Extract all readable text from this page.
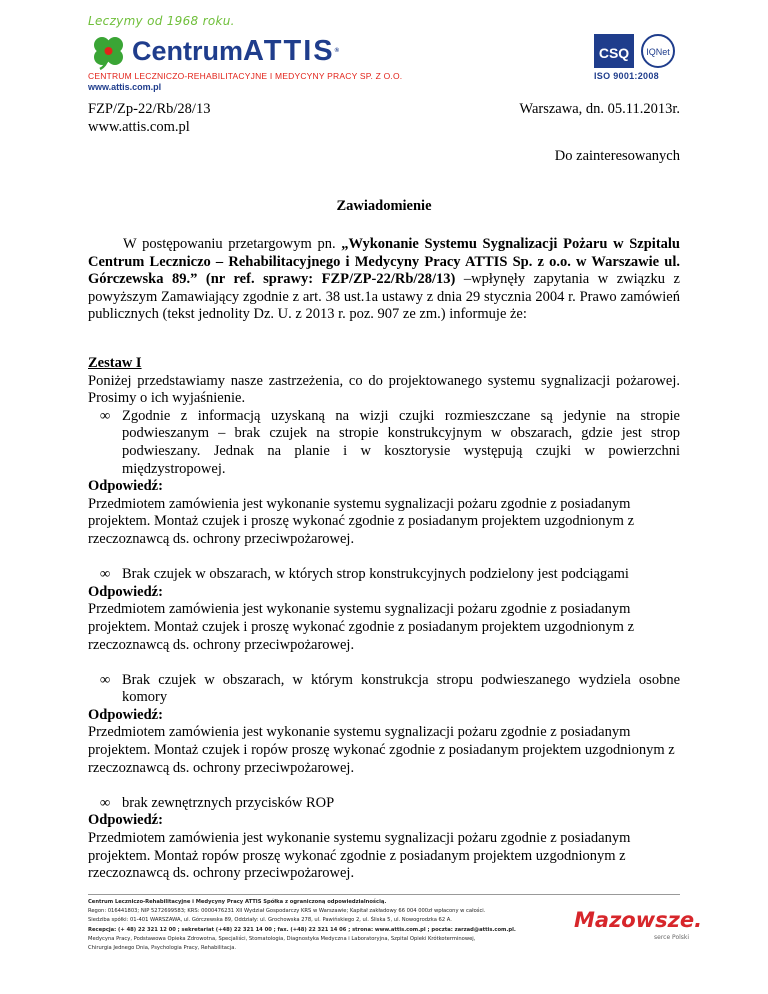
Leczymy od 1968 roku.
CentrumATTIS®
CENTRUM LECZNICZO-REHABILITACYJNE I MEDYCYNY PRACY SP. Z O.O.
www.attis.com.pl
CSQ IQNet
ISO 9001:2008
FZP/Zp-22/Rb/28/13
www.attis.com.pl
Warszawa, dn. 05.11.2013r.
Do zainteresowanych
Zawiadomienie
W postępowaniu przetargowym pn. „Wykonanie Systemu Sygnalizacji Pożaru w Szpitalu Centrum Leczniczo – Rehabilitacyjnego i Medycyny Pracy ATTIS Sp. z o.o. w Warszawie ul. Górczewska 89.” (nr ref. sprawy: FZP/ZP-22/Rb/28/13) –wpłynęły zapytania w związku z powyższym Zamawiający zgodnie z art. 38 ust.1a ustawy z dnia 29 stycznia 2004 r. Prawo zamówień publicznych (tekst jednolity Dz. U. z 2013 r. poz. 907 ze zm.) informuje że:

Zestaw I

Poniżej przedstawiamy nasze zastrzeżenia, co do projektowanego systemu sygnalizacji pożarowej. Prosimy o ich wyjaśnienie.

∞ Zgodnie z informacją uzyskaną na wizji czujki rozmieszczane są jedynie na stropie podwieszanym – brak czujek na stropie konstrukcyjnym w obszarach, gdzie jest strop podwieszany. Jednak na planie i w kosztorysie występują czujki w powierzchni międzystropowej.

Odpowiedź:

Przedmiotem zamówienia jest wykonanie systemu sygnalizacji pożaru zgodnie z posiadanym projektem. Montaż czujek i proszę wykonać zgodnie z posiadanym projektem uzgodnionym z rzeczoznawcą ds. ochrony przeciwpożarowej.

∞ Brak czujek w obszarach, w których strop konstrukcyjnych podzielony jest podciągami

Odpowiedź:

Przedmiotem zamówienia jest wykonanie systemu sygnalizacji pożaru zgodnie z posiadanym projektem. Montaż czujek i proszę wykonać zgodnie z posiadanym projektem uzgodnionym z rzeczoznawcą ds. ochrony przeciwpożarowej.

∞ Brak czujek w obszarach, w którym konstrukcja stropu podwieszanego wydziela osobne komory

Odpowiedź:

Przedmiotem zamówienia jest wykonanie systemu sygnalizacji pożaru zgodnie z posiadanym projektem. Montaż czujek i ropów proszę wykonać zgodnie z posiadanym projektem uzgodnionym z rzeczoznawcą ds. ochrony przeciwpożarowej.

∞ brak zewnętrznych przycisków ROP

Odpowiedź:

Przedmiotem zamówienia jest wykonanie systemu sygnalizacji pożaru zgodnie z posiadanym projektem. Montaż ropów proszę wykonać zgodnie z posiadanym projektem uzgodnionym z rzeczoznawcą ds. ochrony przeciwpożarowej.

Centrum Leczniczo-Rehabilitacyjne i Medycyny Pracy ATTIS Spółka z ograniczoną odpowiedzialnością.
Regon: 016441803; NIP 5272699583; KRS: 0000476231 XII Wydział Gospodarczy KRS w Warszawie; Kapitał zakładowy 66 004 000zł wpłacony w całości.
Siedziba spółki: 01-401 WARSZAWA, ul. Górczewska 89, Oddziały: ul. Grochowska 278, ul. Pawińskiego 2, ul. Śliska 5, ul. Nowogrodzka 62 A.
Recepcja: (+ 48) 22 321 12 00 ; sekretariat (+48) 22 321 14 00 ; fax. (+48) 22 321 14 06 ; strona: www.attis.com.pl ; poczta: zarzad@attis.com.pl.
Medycyna Pracy, Podstawowa Opieka Zdrowotna, Specjaliści, Stomatologia, Diagnostyka Medyczna i Laboratoryjna, Szpital Opieki Krótkoterminowej,
Chirurgia Jednego Dnia, Psychologia Pracy, Rehabilitacja.
Mazowsze.
serce Polski
